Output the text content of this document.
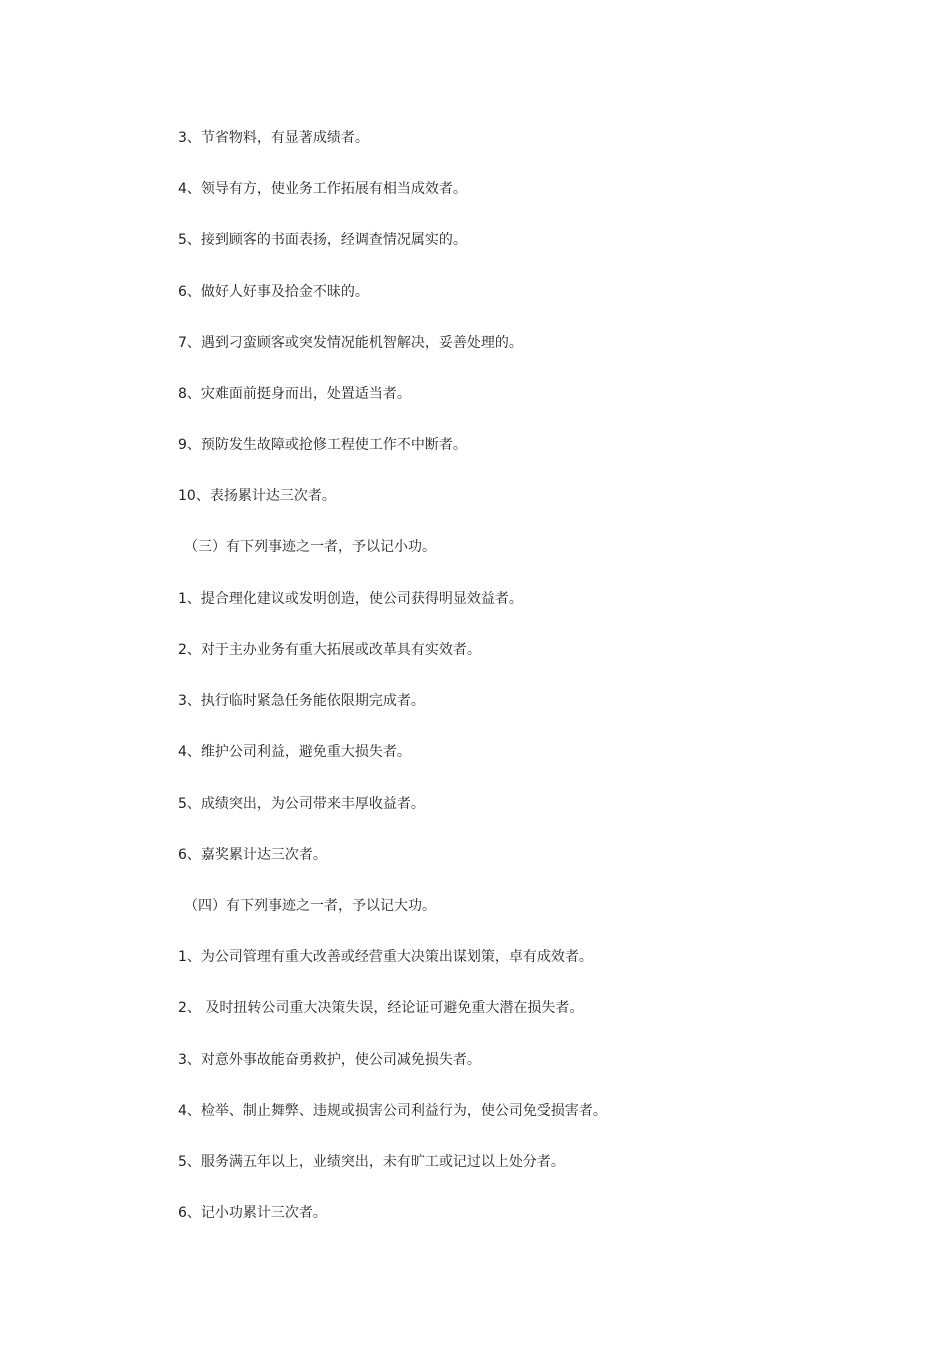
3、节省物料，有显著成绩者。
4、领导有方，使业务工作拓展有相当成效者。
5、接到顾客的书面表扬，经调查情况属实的。
6、做好人好事及拾金不昧的。
7、遇到刁蛮顾客或突发情况能机智解决，妥善处理的。
8、灾难面前挺身而出，处置适当者。
9、预防发生故障或抢修工程使工作不中断者。
10、表扬累计达三次者。
（三）有下列事迹之一者，予以记小功。
1、提合理化建议或发明创造，使公司获得明显效益者。
2、对于主办业务有重大拓展或改革具有实效者。
3、执行临时紧急任务能依限期完成者。
4、维护公司利益，避免重大损失者。
5、成绩突出，为公司带来丰厚收益者。
6、嘉奖累计达三次者。
（四）有下列事迹之一者，予以记大功。
1、为公司管理有重大改善或经营重大决策出谋划策，卓有成效者。
2、 及时扭转公司重大决策失误，经论证可避免重大潜在损失者。
3、对意外事故能奋勇救护，使公司减免损失者。
4、检举、制止舞弊、违规或损害公司利益行为，使公司免受损害者。
5、服务满五年以上，业绩突出，未有旷工或记过以上处分者。
6、记小功累计三次者。
